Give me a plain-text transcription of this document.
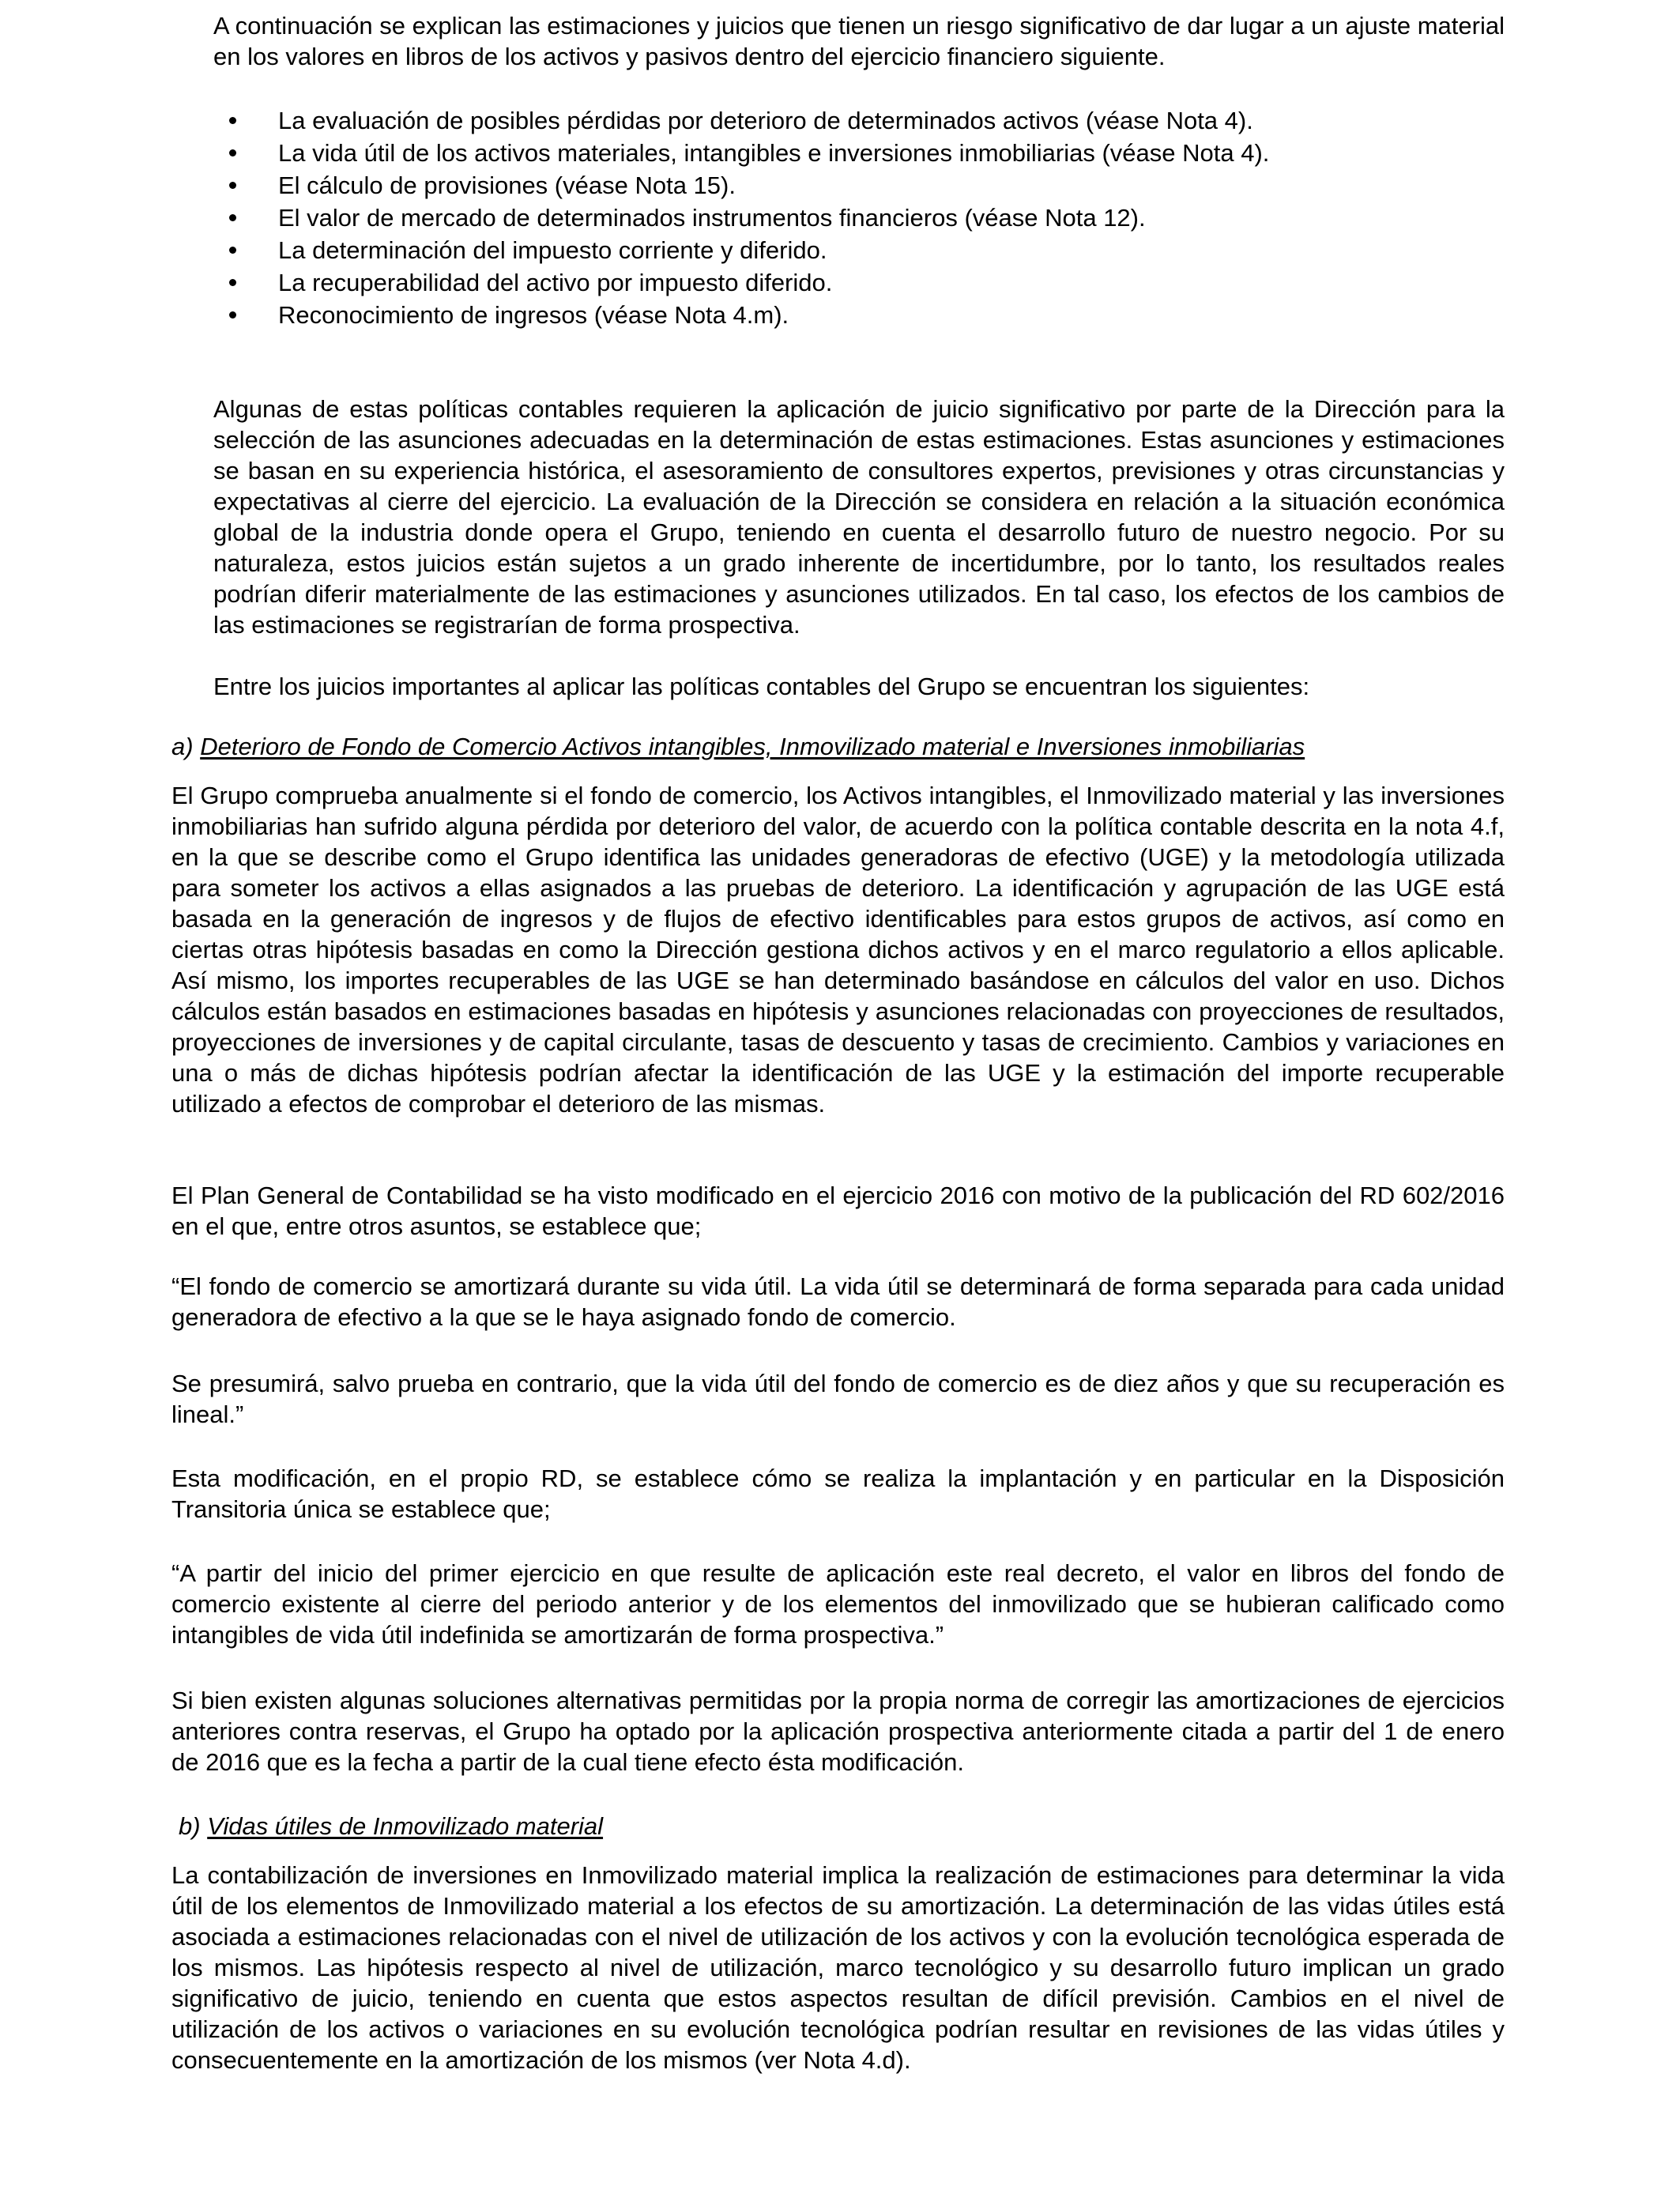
A continuación se explican las estimaciones y juicios que tienen un riesgo significativo de dar lugar a un ajuste material en los valores en libros de los activos y pasivos dentro del ejercicio financiero siguiente.

La evaluación de posibles pérdidas por deterioro de determinados activos (véase Nota 4).
La vida útil de los activos materiales, intangibles e inversiones inmobiliarias (véase Nota 4).
El cálculo de provisiones (véase Nota 15).
El valor de mercado de determinados instrumentos financieros (véase Nota 12).
La determinación del impuesto corriente y diferido.
La recuperabilidad del activo por impuesto diferido.
Reconocimiento de ingresos (véase Nota 4.m).

Algunas de estas políticas contables requieren la aplicación de juicio significativo por parte de la Dirección para la selección de las asunciones adecuadas en la determinación de estas estimaciones. Estas asunciones y estimaciones se basan en su experiencia histórica, el asesoramiento de consultores expertos, previsiones y otras circunstancias y expectativas al cierre del ejercicio. La evaluación de la Dirección se considera en relación a la situación económica global de la industria donde opera el Grupo, teniendo en cuenta el desarrollo futuro de nuestro negocio. Por su naturaleza, estos juicios están sujetos a un grado inherente de incertidumbre, por lo tanto, los resultados reales podrían diferir materialmente de las estimaciones y asunciones utilizados. En tal caso, los efectos de los cambios de las estimaciones se registrarían de forma prospectiva.

Entre los juicios importantes al aplicar las políticas contables del Grupo se encuentran los siguientes:

a) Deterioro de Fondo de Comercio Activos intangibles, Inmovilizado material e Inversiones inmobiliarias

El Grupo comprueba anualmente si el fondo de comercio, los Activos intangibles, el Inmovilizado material y las inversiones inmobiliarias han sufrido alguna pérdida por deterioro del valor, de acuerdo con la política contable descrita en la nota 4.f, en la que se describe como el Grupo identifica las unidades generadoras de efectivo (UGE) y la metodología utilizada para someter los activos a ellas asignados a las pruebas de deterioro. La identificación y agrupación de las UGE está basada en la generación de ingresos y de flujos de efectivo identificables para estos grupos de activos, así como en ciertas otras hipótesis basadas en como la Dirección gestiona dichos activos y en el marco regulatorio a ellos aplicable. Así mismo, los importes recuperables de las UGE se han determinado basándose en cálculos del valor en uso. Dichos cálculos están basados en estimaciones basadas en hipótesis y asunciones relacionadas con proyecciones de resultados, proyecciones de inversiones y de capital circulante, tasas de descuento y tasas de crecimiento. Cambios y variaciones en una o más de dichas hipótesis podrían afectar la identificación de las UGE y la estimación del importe recuperable utilizado a efectos de comprobar el deterioro de las mismas.

El Plan General de Contabilidad se ha visto modificado en el ejercicio 2016 con motivo de la publicación del RD 602/2016 en el que, entre otros asuntos, se establece que;

“El fondo de comercio se amortizará durante su vida útil. La vida útil se determinará de forma separada para cada unidad generadora de efectivo a la que se le haya asignado fondo de comercio.

Se presumirá, salvo prueba en contrario, que la vida útil del fondo de comercio es de diez años y que su recuperación es lineal.”

Esta modificación, en el propio RD, se establece cómo se realiza la implantación y en particular en la Disposición Transitoria única se establece que;

“A partir del inicio del primer ejercicio en que resulte de aplicación este real decreto, el valor en libros del fondo de comercio existente al cierre del periodo anterior y de los elementos del inmovilizado que se hubieran calificado como intangibles de vida útil indefinida se amortizarán de forma prospectiva.”

Si bien existen algunas soluciones alternativas permitidas por la propia norma de corregir las amortizaciones de ejercicios anteriores contra reservas, el Grupo ha optado por la aplicación prospectiva anteriormente citada a partir del 1 de enero de 2016 que es la fecha a partir de la cual tiene efecto ésta modificación.

b) Vidas útiles de Inmovilizado material

La contabilización de inversiones en Inmovilizado material implica la realización de estimaciones para determinar la vida útil de los elementos de Inmovilizado material a los efectos de su amortización. La determinación de las vidas útiles está asociada a estimaciones relacionadas con el nivel de utilización de los activos y con la evolución tecnológica esperada de los mismos. Las hipótesis respecto al nivel de utilización, marco tecnológico y su desarrollo futuro implican un grado significativo de juicio, teniendo en cuenta que estos aspectos resultan de difícil previsión. Cambios en el nivel de utilización de los activos o variaciones en su evolución tecnológica podrían resultar en revisiones de las vidas útiles y consecuentemente en la amortización de los mismos (ver Nota 4.d).
